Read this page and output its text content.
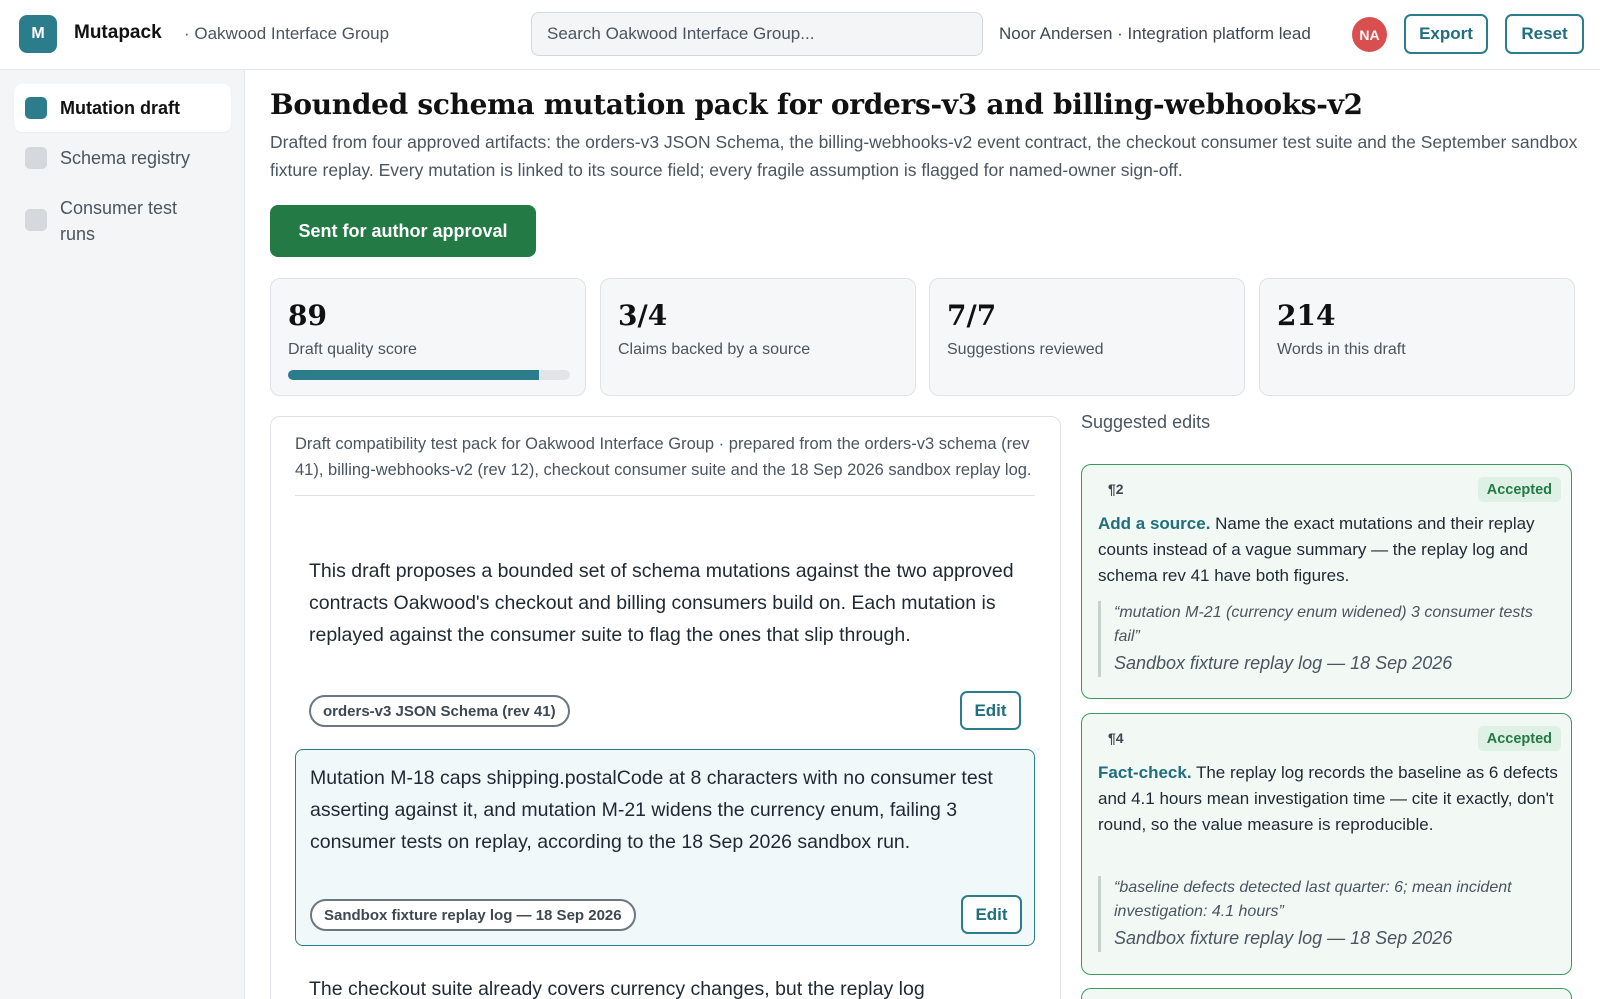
M	Mutapack · Oakwood Interface Group
Search Oakwood Interface Group...	Noor Andersen · Integration platform lead	NA	Export	Reset
Mutation draft
Schema registry
Consumer test runs
Bounded schema mutation pack for orders-v3 and billing-webhooks-v2

Drafted from four approved artifacts: the orders-v3 JSON Schema, the billing-webhooks-v2 event contract, the checkout consumer test suite and the September sandbox fixture replay. Every mutation is linked to its source field; every fragile assumption is flagged for named-owner sign-off.

Sent for author approval
89
Draft quality score
3/4
Claims backed by a source
7/7
Suggestions reviewed
214
Words in this draft
Draft compatibility test pack for Oakwood Interface Group · prepared from the orders-v3 schema (rev 41), billing-webhooks-v2 (rev 12), checkout consumer suite and the 18 Sep 2026 sandbox replay log.
This draft proposes a bounded set of schema mutations against the two approved contracts Oakwood's checkout and billing consumers build on. Each mutation is replayed against the consumer suite to flag the ones that slip through.
orders-v3 JSON Schema (rev 41)	Edit
Mutation M-18 caps shipping.postalCode at 8 characters with no consumer test asserting against it, and mutation M-21 widens the currency enum, failing 3 consumer tests on replay, according to the 18 Sep 2026 sandbox run.
Sandbox fixture replay log — 18 Sep 2026	Edit
The checkout suite already covers currency changes, but the replay log
Suggested edits
¶2	Accepted
Add a source. Name the exact mutations and their replay counts instead of a vague summary — the replay log and schema rev 41 have both figures.
“mutation M-21 (currency enum widened) 3 consumer tests fail”
Sandbox fixture replay log — 18 Sep 2026
¶4	Accepted
Fact-check. The replay log records the baseline as 6 defects and 4.1 hours mean investigation time — cite it exactly, don't round, so the value measure is reproducible.
“baseline defects detected last quarter: 6; mean incident investigation: 4.1 hours”
Sandbox fixture replay log — 18 Sep 2026
